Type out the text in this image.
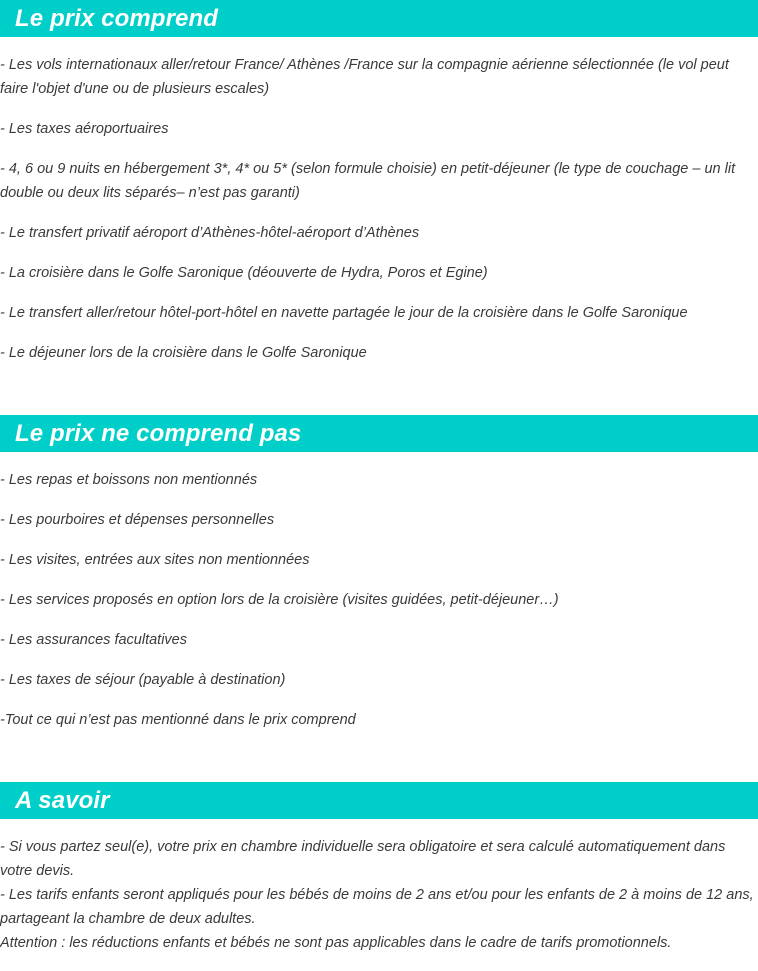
Le prix comprend

- Les vols internationaux aller/retour France/ Athènes /France sur la compagnie aérienne sélectionnée (le vol peut faire l'objet d'une ou de plusieurs escales)

- Les taxes aéroportuaires

- 4, 6 ou 9 nuits en hébergement 3*, 4* ou 5* (selon formule choisie) en petit-déjeuner (le type de couchage – un lit double ou deux lits séparés– n’est pas garanti)

- Le transfert privatif aéroport d’Athènes-hôtel-aéroport d’Athènes

- La croisière dans le Golfe Saronique (déouverte de Hydra, Poros et Egine)

- Le transfert aller/retour hôtel-port-hôtel en navette partagée le jour de la croisière dans le Golfe Saronique

- Le déjeuner lors de la croisière dans le Golfe Saronique

Le prix ne comprend pas

- Les repas et boissons non mentionnés

- Les pourboires et dépenses personnelles

- Les visites, entrées aux sites non mentionnées

- Les services proposés en option lors de la croisière (visites guidées, petit-déjeuner…)

- Les assurances facultatives

- Les taxes de séjour (payable à destination)

-Tout ce qui n’est pas mentionné dans le prix comprend

A savoir

- Si vous partez seul(e), votre prix en chambre individuelle sera obligatoire et sera calculé automatiquement dans votre devis.

- Les tarifs enfants seront appliqués pour les bébés de moins de 2 ans et/ou pour les enfants de 2 à moins de 12 ans, partageant la chambre de deux adultes.

Attention : les réductions enfants et bébés ne sont pas applicables dans le cadre de tarifs promotionnels.
